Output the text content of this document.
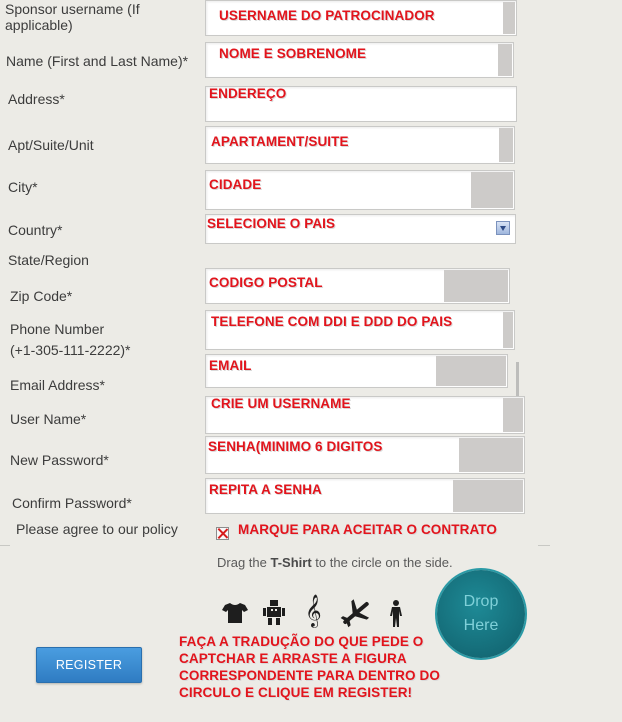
Sponsor username (If
applicable)
Name (First and Last Name)*
Address*
Apt/Suite/Unit
City*
Country*
State/Region
Zip Code*
Phone Number
(+1-305-111-2222)*
Email Address*
User Name*
New Password*
Confirm Password*
Please agree to our policy
USERNAME DO PATROCINADOR
NOME E SOBRENOME
ENDEREÇO
APARTAMENT/SUITE
CIDADE
SELECIONE O PAIS
CODIGO POSTAL
TELEFONE COM DDI E DDD DO PAIS
EMAIL
CRIE UM USERNAME
SENHA(MINIMO 6 DIGITOS
REPITA A SENHA
MARQUE PARA ACEITAR O CONTRATO
Drag the T-Shirt to the circle on the side.
𝄞	Drop
Here
FAÇA A TRADUÇÃO DO QUE PEDE O
CAPTCHAR E ARRASTE A FIGURA
CORRESPONDENTE PARA DENTRO DO
CIRCULO E CLIQUE EM REGISTER!
REGISTER
